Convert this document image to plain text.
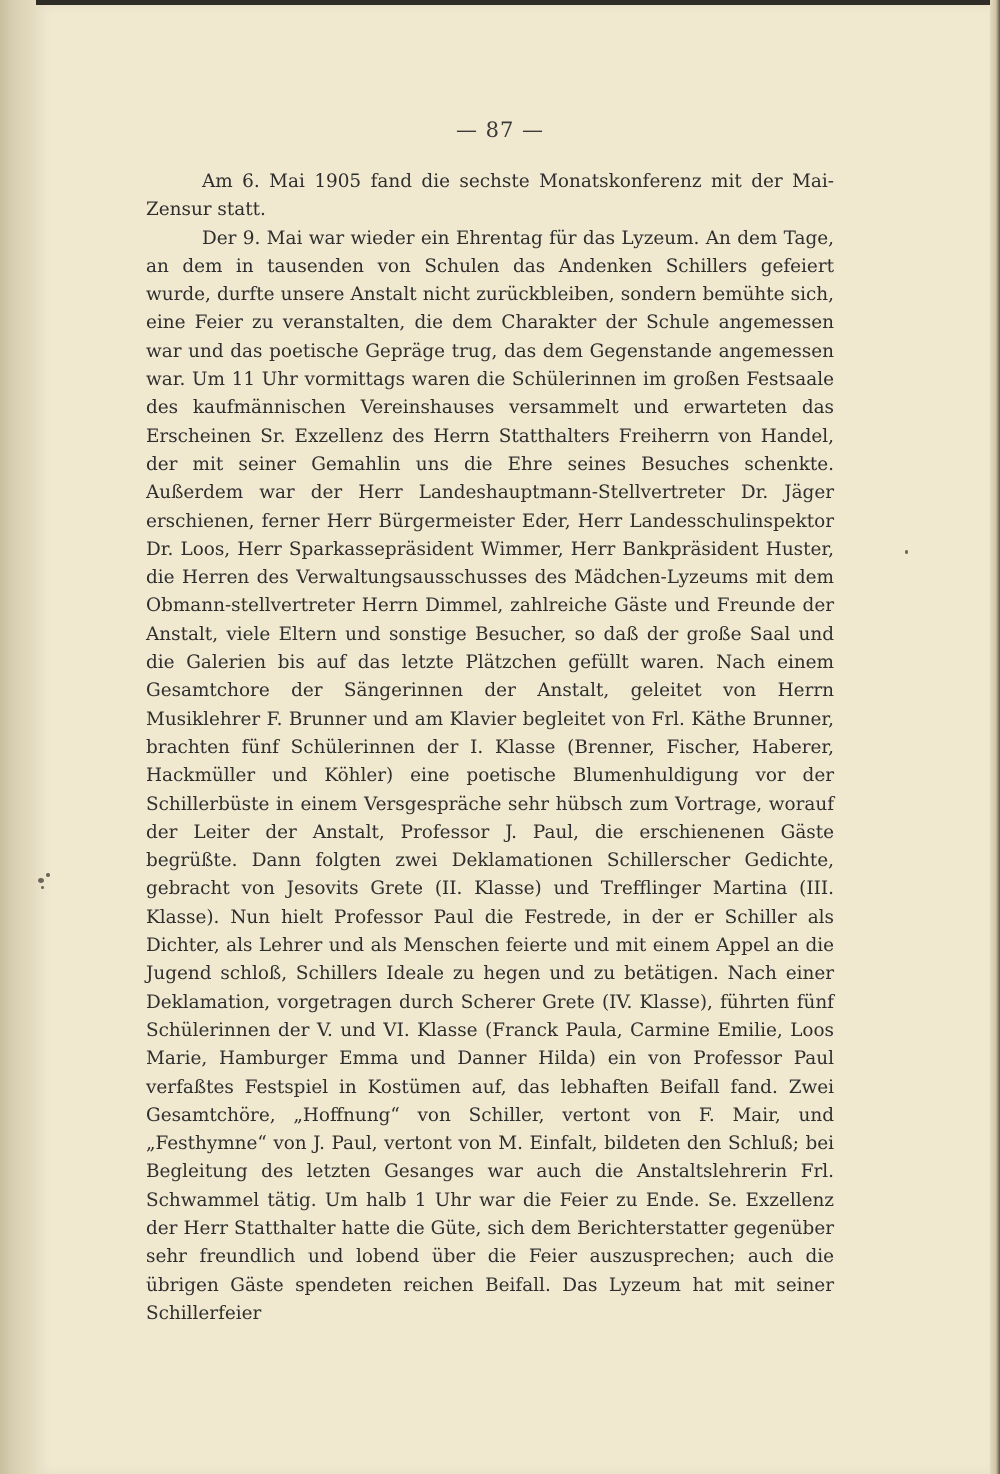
— 87 —

Am 6. Mai 1905 fand die sechste Monatskonferenz mit der Mai-Zensur statt.

Der 9. Mai war wieder ein Ehrentag für das Lyzeum. An dem Tage, an dem in tausenden von Schulen das Andenken Schillers gefeiert wurde, durfte unsere Anstalt nicht zurückbleiben, sondern bemühte sich, eine Feier zu veranstalten, die dem Charakter der Schule angemessen war und das poetische Gepräge trug, das dem Gegenstande angemessen war. Um 11 Uhr vormittags waren die Schülerinnen im großen Festsaale des kaufmännischen Vereinshauses versammelt und erwarteten das Erscheinen Sr. Exzellenz des Herrn Statthalters Freiherrn von Handel, der mit seiner Gemahlin uns die Ehre seines Besuches schenkte. Außerdem war der Herr Landeshauptmann-Stellvertreter Dr. Jäger erschienen, ferner Herr Bürgermeister Eder, Herr Landesschulinspektor Dr. Loos, Herr Sparkassepräsident Wimmer, Herr Bankpräsident Huster, die Herren des Verwaltungsausschusses des Mädchen-Lyzeums mit dem Obmann-stellvertreter Herrn Dimmel, zahlreiche Gäste und Freunde der Anstalt, viele Eltern und sonstige Besucher, so daß der große Saal und die Galerien bis auf das letzte Plätzchen gefüllt waren. Nach einem Gesamtchore der Sängerinnen der Anstalt, geleitet von Herrn Musiklehrer F. Brunner und am Klavier begleitet von Frl. Käthe Brunner, brachten fünf Schülerinnen der I. Klasse (Brenner, Fischer, Haberer, Hackmüller und Köhler) eine poetische Blumenhuldigung vor der Schillerbüste in einem Versgespräche sehr hübsch zum Vortrage, worauf der Leiter der Anstalt, Professor J. Paul, die erschienenen Gäste begrüßte. Dann folgten zwei Deklamationen Schillerscher Gedichte, gebracht von Jesovits Grete (II. Klasse) und Trefflinger Martina (III. Klasse). Nun hielt Professor Paul die Festrede, in der er Schiller als Dichter, als Lehrer und als Menschen feierte und mit einem Appel an die Jugend schloß, Schillers Ideale zu hegen und zu betätigen. Nach einer Deklamation, vorgetragen durch Scherer Grete (IV. Klasse), führten fünf Schülerinnen der V. und VI. Klasse (Franck Paula, Carmine Emilie, Loos Marie, Hamburger Emma und Danner Hilda) ein von Professor Paul verfaßtes Festspiel in Kostümen auf, das lebhaften Beifall fand. Zwei Gesamtchöre, „Hoffnung“ von Schiller, vertont von F. Mair, und „Festhymne“ von J. Paul, vertont von M. Einfalt, bildeten den Schluß; bei Begleitung des letzten Gesanges war auch die Anstaltslehrerin Frl. Schwammel tätig. Um halb 1 Uhr war die Feier zu Ende. Se. Exzellenz der Herr Statthalter hatte die Güte, sich dem Berichterstatter gegenüber sehr freundlich und lobend über die Feier auszusprechen; auch die übrigen Gäste spendeten reichen Beifall. Das Lyzeum hat mit seiner Schillerfeier
